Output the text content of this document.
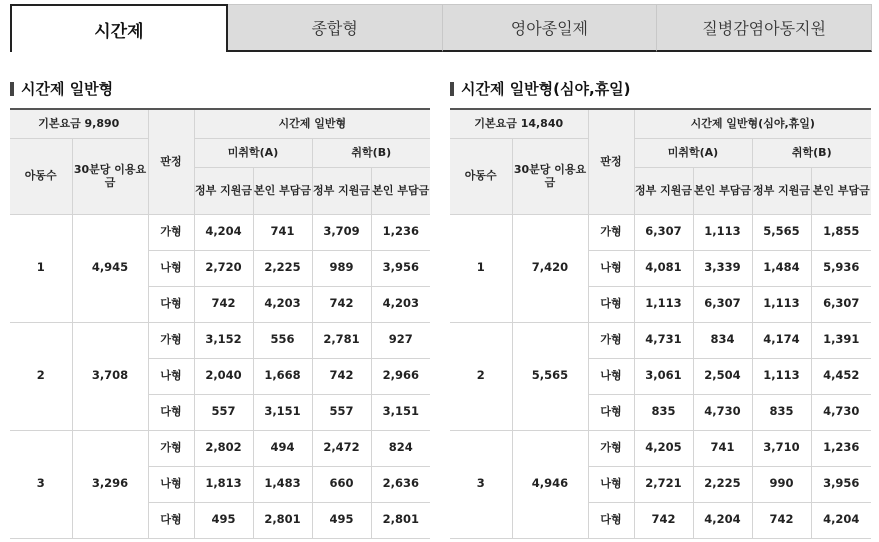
시간제	종합형	영아종일제	질병감염아동지원
시간제 일반형	시간제 일반형(심야,휴일)
기본요금 9,890		판정	시간제 일반형			
아동수	30분당 이용요금		미취학(A)		취학(B)	
			정부 지원금	본인 부담금	정부 지원금	본인 부담금
1	4,945	가형	4,204	741	3,709	1,236
		나형	2,720	2,225	989	3,956
		다형	742	4,203	742	4,203
2	3,708	가형	3,152	556	2,781	927
		나형	2,040	1,668	742	2,966
		다형	557	3,151	557	3,151
3	3,296	가형	2,802	494	2,472	824
		나형	1,813	1,483	660	2,636
		다형	495	2,801	495	2,801
기본요금 14,840		판정	시간제 일반형(심야,휴일)			
아동수	30분당 이용요금		미취학(A)		취학(B)	
			정부 지원금	본인 부담금	정부 지원금	본인 부담금
1	7,420	가형	6,307	1,113	5,565	1,855
		나형	4,081	3,339	1,484	5,936
		다형	1,113	6,307	1,113	6,307
2	5,565	가형	4,731	834	4,174	1,391
		나형	3,061	2,504	1,113	4,452
		다형	835	4,730	835	4,730
3	4,946	가형	4,205	741	3,710	1,236
		나형	2,721	2,225	990	3,956
		다형	742	4,204	742	4,204
